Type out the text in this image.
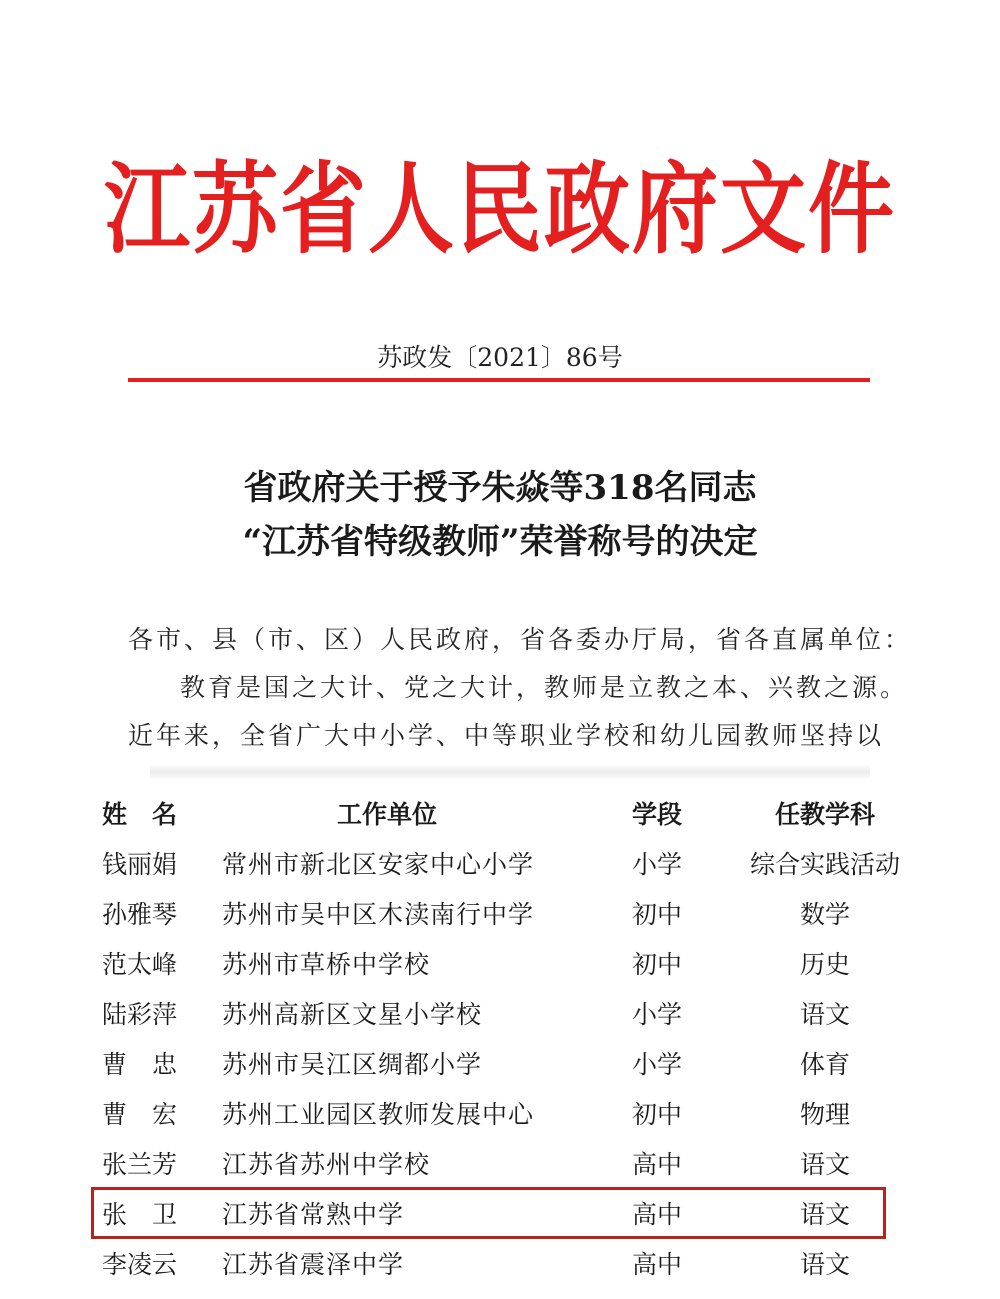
江苏省人民政府文件
苏政发〔2021〕86号
省政府关于授予朱焱等318名同志
“江苏省特级教师”荣誉称号的决定
各市、县（市、区）人民政府，省各委办厅局，省各直属单位：
教育是国之大计、党之大计，教师是立教之本、兴教之源。
近年来，全省广大中小学、中等职业学校和幼儿园教师坚持以
姓　名	工作单位	学段	任教学科
钱丽娟 常州市新北区安家中心小学	小学	综合实践活动
孙雅琴 苏州市吴中区木渎南行中学	初中	数学
范太峰 苏州市草桥中学校	初中	历史
陆彩萍 苏州高新区文星小学校	小学	语文
曹　忠 苏州市吴江区绸都小学	小学	体育
曹　宏 苏州工业园区教师发展中心	初中	物理
张兰芳 江苏省苏州中学校	高中	语文
张　卫 江苏省常熟中学	高中	语文
李凌云 江苏省震泽中学	高中	语文
